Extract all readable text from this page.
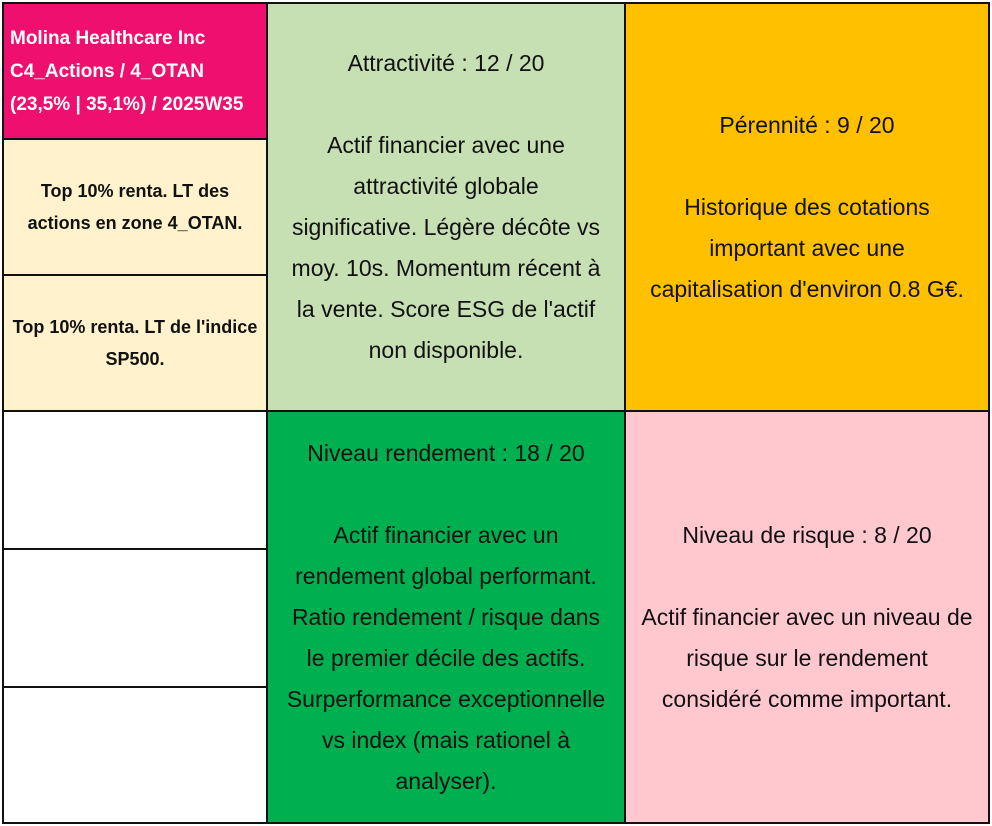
Molina Healthcare Inc
C4_Actions / 4_OTAN
(23,5% | 35,1%) / 2025W35
Top 10% renta. LT des
actions en zone 4_OTAN.
Top 10% renta. LT de l'indice
SP500.
Attractivité : 12 / 20
Actif financier avec une
attractivité globale
significative. Légère décôte vs
moy. 10s. Momentum récent à
la vente. Score ESG de l'actif
non disponible.
Pérennité : 9 / 20
Historique des cotations
important avec une
capitalisation d'environ 0.8 G€.
Niveau rendement : 18 / 20
Actif financier avec un
rendement global performant.
Ratio rendement / risque dans
le premier décile des actifs.
Surperformance exceptionnelle
vs index (mais rationel à
analyser).
Niveau de risque : 8 / 20
Actif financier avec un niveau de
risque sur le rendement
considéré comme important.
